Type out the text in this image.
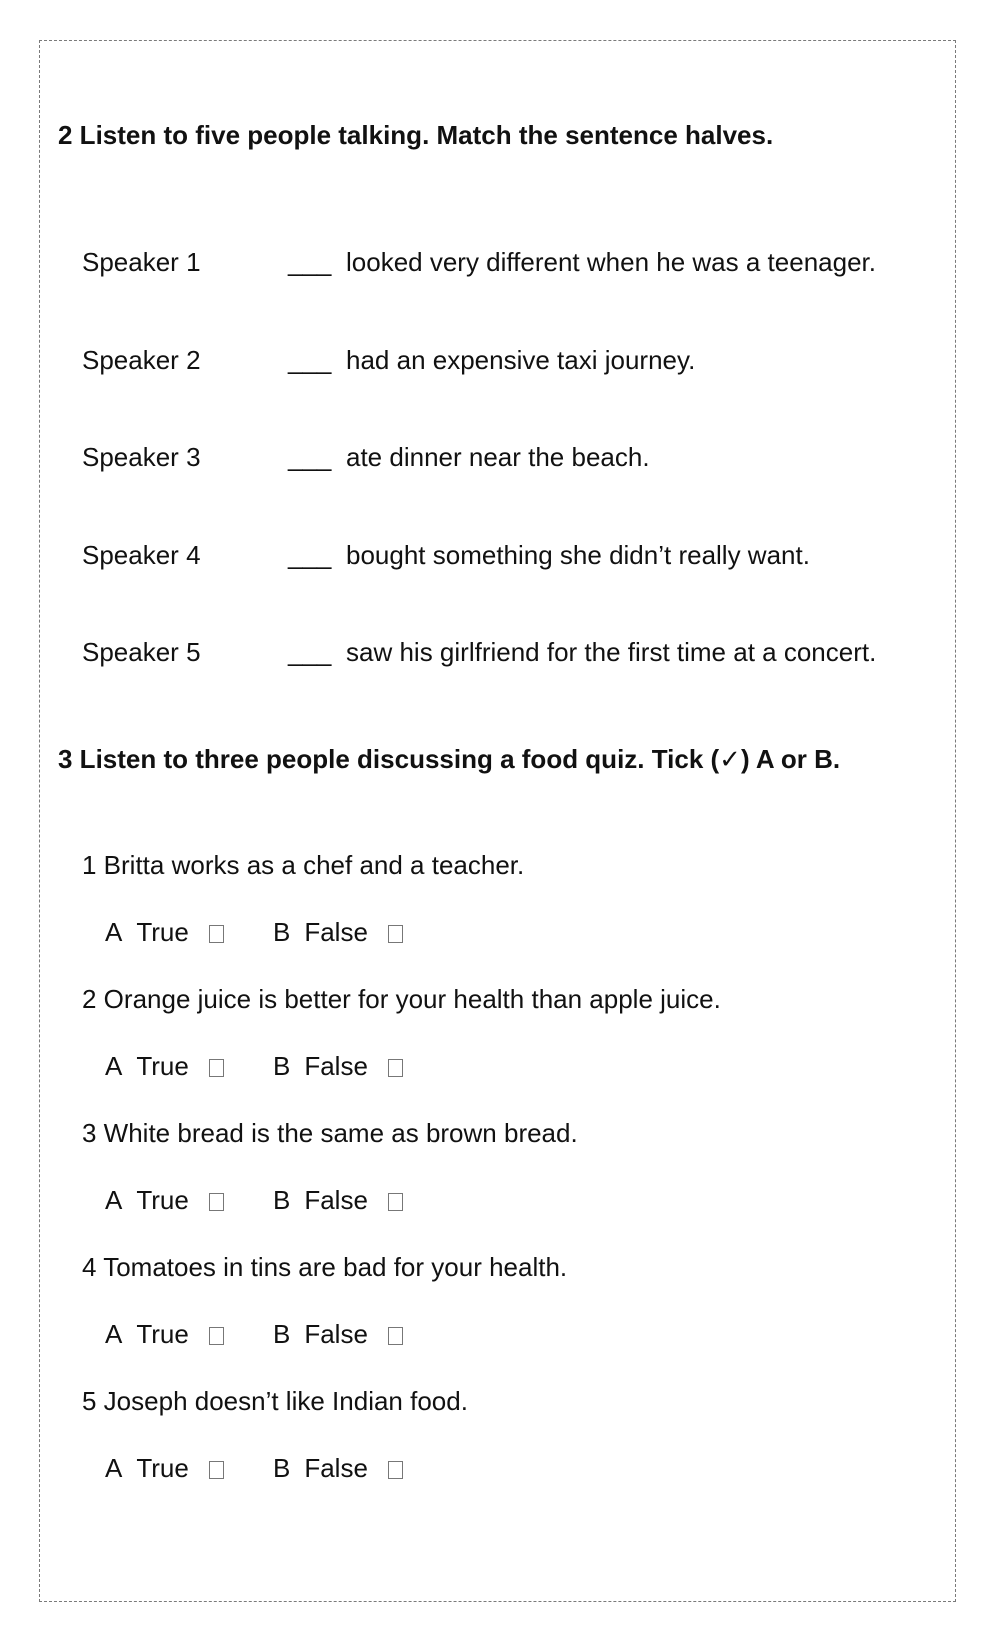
2 Listen to five people talking. Match the sentence halves.
Speaker 1	___ looked very different when he was a teenager.
Speaker 2	___ had an expensive taxi journey.
Speaker 3	___ ate dinner near the beach.
Speaker 4	___ bought something she didn’t really want.
Speaker 5	___ saw his girlfriend for the first time at a concert.
3 Listen to three people discussing a food quiz. Tick (✓) A or B.
1 Britta works as a chef and a teacher.
A True	B False
2 Orange juice is better for your health than apple juice.
A True	B False
3 White bread is the same as brown bread.
A True	B False
4 Tomatoes in tins are bad for your health.
A True	B False
5 Joseph doesn’t like Indian food.
A True	B False
